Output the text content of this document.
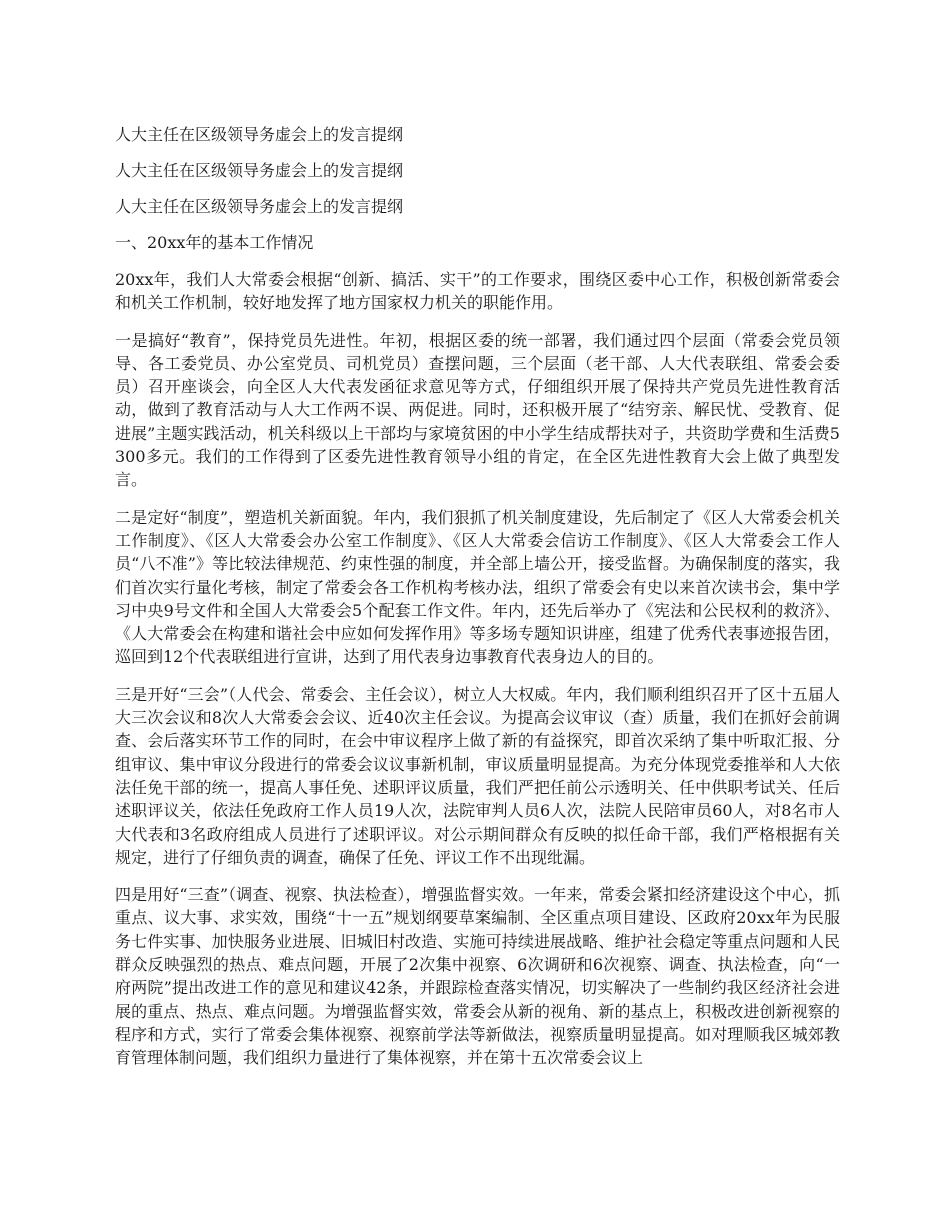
人大主任在区级领导务虚会上的发言提纲

人大主任在区级领导务虚会上的发言提纲

人大主任在区级领导务虚会上的发言提纲

一、20xx年的基本工作情况

20xx年，我们人大常委会根据“创新、搞活、实干”的工作要求，围绕区委中心工作，积极创新常委会和机关工作机制，较好地发挥了地方国家权力机关的职能作用。

一是搞好“教育”，保持党员先进性。年初，根据区委的统一部署，我们通过四个层面（常委会党员领导、各工委党员、办公室党员、司机党员）查摆问题，三个层面（老干部、人大代表联组、常委会委员）召开座谈会，向全区人大代表发函征求意见等方式，仔细组织开展了保持共产党员先进性教育活动，做到了教育活动与人大工作两不误、两促进。同时，还积极开展了“结穷亲、解民忧、受教育、促进展”主题实践活动，机关科级以上干部均与家境贫困的中小学生结成帮扶对子，共资助学费和生活费5300多元。我们的工作得到了区委先进性教育领导小组的肯定，在全区先进性教育大会上做了典型发言。

二是定好“制度”，塑造机关新面貌。年内，我们狠抓了机关制度建设，先后制定了《区人大常委会机关工作制度》、《区人大常委会办公室工作制度》、《区人大常委会信访工作制度》、《区人大常委会工作人员“八不准”》等比较法律规范、约束性强的制度，并全部上墙公开，接受监督。为确保制度的落实，我们首次实行量化考核，制定了常委会各工作机构考核办法，组织了常委会有史以来首次读书会，集中学习中央9号文件和全国人大常委会5个配套工作文件。年内，还先后举办了《宪法和公民权利的救济》、《人大常委会在构建和谐社会中应如何发挥作用》等多场专题知识讲座，组建了优秀代表事迹报告团，巡回到12个代表联组进行宣讲，达到了用代表身边事教育代表身边人的目的。

三是开好“三会”（人代会、常委会、主任会议），树立人大权威。年内，我们顺利组织召开了区十五届人大三次会议和8次人大常委会会议、近40次主任会议。为提高会议审议（查）质量，我们在抓好会前调查、会后落实环节工作的同时，在会中审议程序上做了新的有益探究，即首次采纳了集中听取汇报、分组审议、集中审议分段进行的常委会议议事新机制，审议质量明显提高。为充分体现党委推举和人大依法任免干部的统一，提高人事任免、述职评议质量，我们严把任前公示透明关、任中供职考试关、任后述职评议关，依法任免政府工作人员19人次，法院审判人员6人次，法院人民陪审员60人，对8名市人大代表和3名政府组成人员进行了述职评议。对公示期间群众有反映的拟任命干部，我们严格根据有关规定，进行了仔细负责的调查，确保了任免、评议工作不出现纰漏。

四是用好“三查”（调查、视察、执法检查），增强监督实效。一年来，常委会紧扣经济建设这个中心，抓重点、议大事、求实效，围绕“十一五”规划纲要草案编制、全区重点项目建设、区政府20xx年为民服务七件实事、加快服务业进展、旧城旧村改造、实施可持续进展战略、维护社会稳定等重点问题和人民群众反映强烈的热点、难点问题，开展了2次集中视察、6次调研和6次视察、调查、执法检查，向“一府两院”提出改进工作的意见和建议42条，并跟踪检查落实情况，切实解决了一些制约我区经济社会进展的重点、热点、难点问题。为增强监督实效，常委会从新的视角、新的基点上，积极改进创新视察的程序和方式，实行了常委会集体视察、视察前学法等新做法，视察质量明显提高。如对理顺我区城郊教育管理体制问题，我们组织力量进行了集体视察，并在第十五次常委会议上
